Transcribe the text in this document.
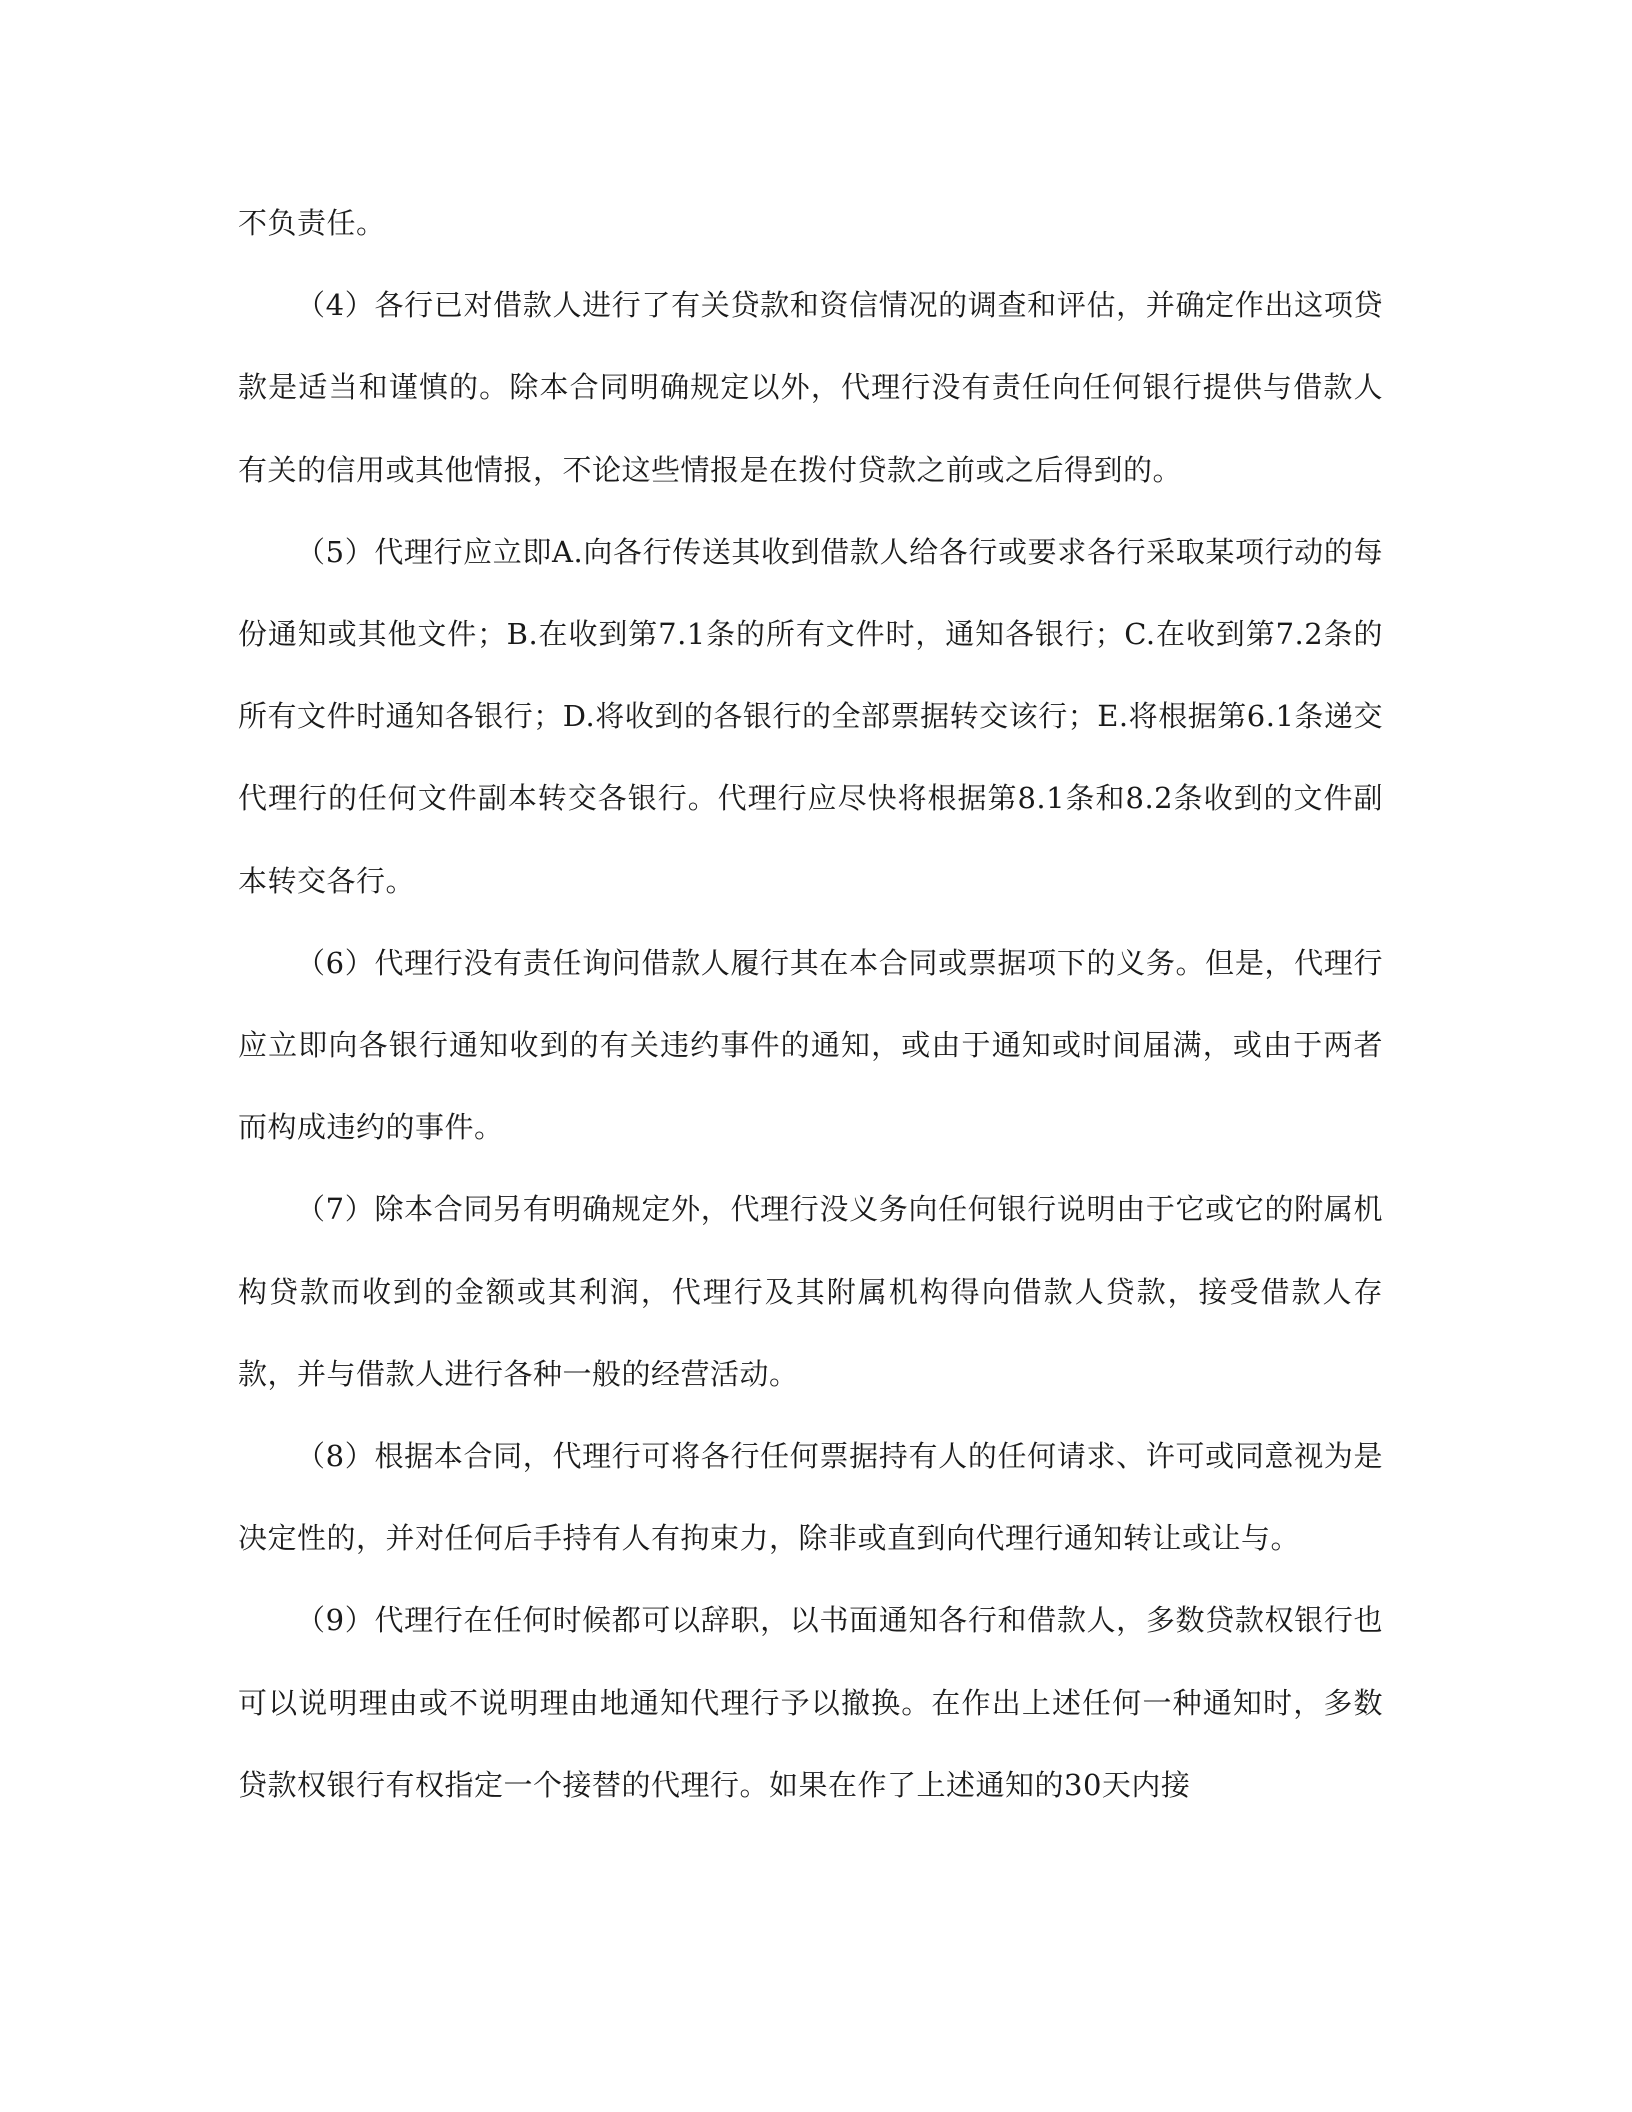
不负责任。

（4）各行已对借款人进行了有关贷款和资信情况的调查和评估，并确定作出这项贷款是适当和谨慎的。除本合同明确规定以外，代理行没有责任向任何银行提供与借款人有关的信用或其他情报，不论这些情报是在拨付贷款之前或之后得到的。

（5）代理行应立即A.向各行传送其收到借款人给各行或要求各行采取某项行动的每份通知或其他文件；B.在收到第7.1条的所有文件时，通知各银行；C.在收到第7.2条的所有文件时通知各银行；D.将收到的各银行的全部票据转交该行；E.将根据第6.1条递交代理行的任何文件副本转交各银行。代理行应尽快将根据第8.1条和8.2条收到的文件副本转交各行。

（6）代理行没有责任询问借款人履行其在本合同或票据项下的义务。但是，代理行应立即向各银行通知收到的有关违约事件的通知，或由于通知或时间届满，或由于两者而构成违约的事件。

（7）除本合同另有明确规定外，代理行没义务向任何银行说明由于它或它的附属机构贷款而收到的金额或其利润，代理行及其附属机构得向借款人贷款，接受借款人存款，并与借款人进行各种一般的经营活动。

（8）根据本合同，代理行可将各行任何票据持有人的任何请求、许可或同意视为是决定性的，并对任何后手持有人有拘束力，除非或直到向代理行通知转让或让与。

（9）代理行在任何时候都可以辞职，以书面通知各行和借款人，多数贷款权银行也可以说明理由或不说明理由地通知代理行予以撤换。在作出上述任何一种通知时，多数贷款权银行有权指定一个接替的代理行。如果在作了上述通知的30天内接
